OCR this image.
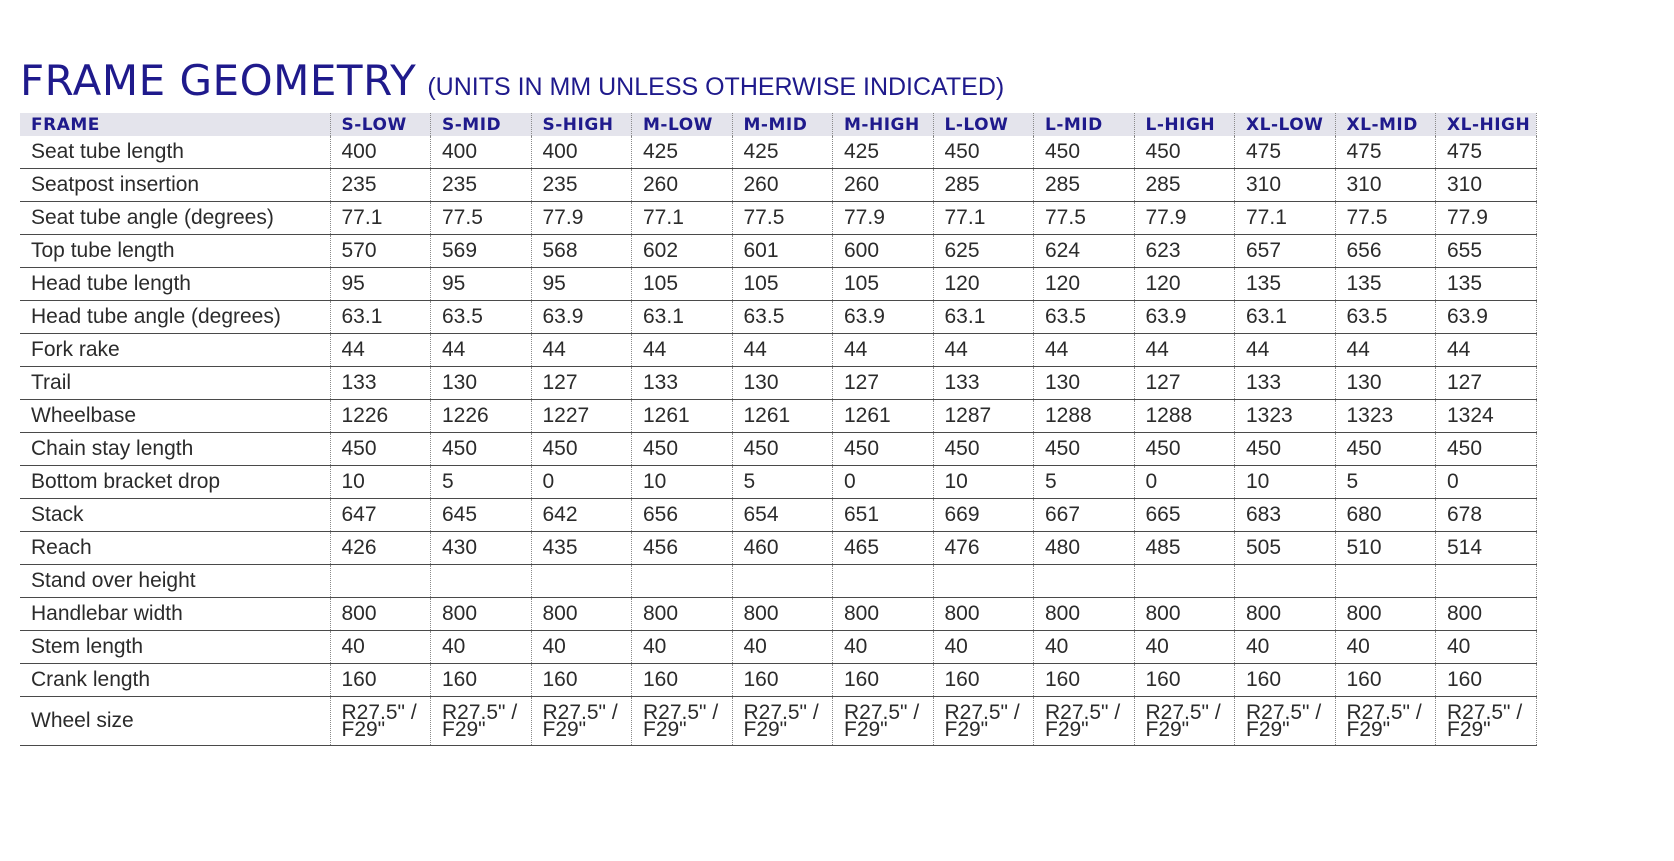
FRAME GEOMETRY (UNITS IN MM UNLESS OTHERWISE INDICATED)
FRAME	S-LOW	S-MID	S-HIGH	M-LOW	M-MID	M-HIGH	L-LOW	L-MID	L-HIGH	XL-LOW	XL-MID	XL-HIGH
Seat tube length	400	400	400	425	425	425	450	450	450	475	475	475
Seatpost insertion	235	235	235	260	260	260	285	285	285	310	310	310
Seat tube angle (degrees)	77.1	77.5	77.9	77.1	77.5	77.9	77.1	77.5	77.9	77.1	77.5	77.9
Top tube length	570	569	568	602	601	600	625	624	623	657	656	655
Head tube length	95	95	95	105	105	105	120	120	120	135	135	135
Head tube angle (degrees)	63.1	63.5	63.9	63.1	63.5	63.9	63.1	63.5	63.9	63.1	63.5	63.9
Fork rake	44	44	44	44	44	44	44	44	44	44	44	44
Trail	133	130	127	133	130	127	133	130	127	133	130	127
Wheelbase	1226	1226	1227	1261	1261	1261	1287	1288	1288	1323	1323	1324
Chain stay length	450	450	450	450	450	450	450	450	450	450	450	450
Bottom bracket drop	10	5	0	10	5	0	10	5	0	10	5	0
Stack	647	645	642	656	654	651	669	667	665	683	680	678
Reach	426	430	435	456	460	465	476	480	485	505	510	514
Stand over height												
Handlebar width	800	800	800	800	800	800	800	800	800	800	800	800
Stem length	40	40	40	40	40	40	40	40	40	40	40	40
Crank length	160	160	160	160	160	160	160	160	160	160	160	160
Wheel size	R27.5" / F29"	R27.5" / F29"	R27.5" / F29"	R27.5" / F29"	R27.5" / F29"	R27.5" / F29"	R27.5" / F29"	R27.5" / F29"	R27.5" / F29"	R27.5" / F29"	R27.5" / F29"	R27.5" / F29"
